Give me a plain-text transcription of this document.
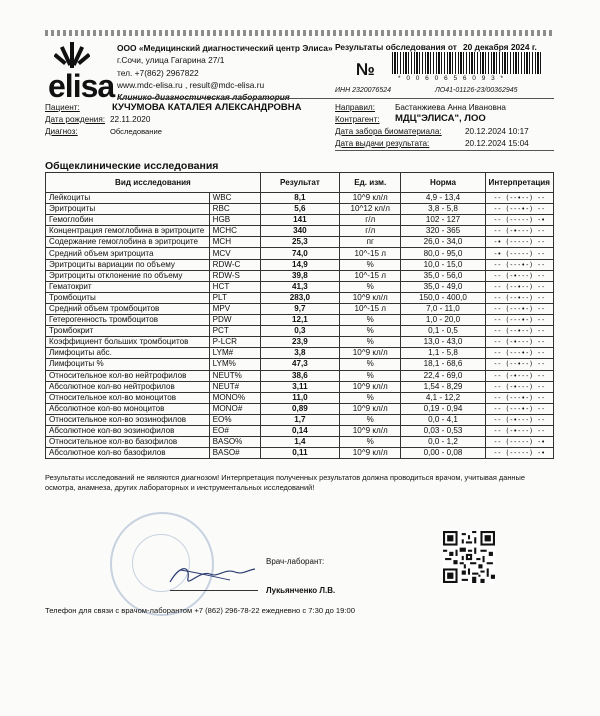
elisa
ООО «Медицинский диагностический центр Элиса»
г.Сочи, улица Гагарина 27/1
тел. +7(862) 2967822
www.mdc-elisa.ru , result@mdc-elisa.ru
Результаты обследования от 20 декабря 2024 г.
№	* 0 0 6 0 6 5 6 0 9 3 *
ИНН 2320076524	ЛО41-01126-23/00362945
Пациент:	КУЧУМОВА КАТАЛЕЯ АЛЕКСАНДРОВНА
Дата рождения: 22.11.2020
Диагноз:	Обследование
Направил: Бастанжиева Анна Ивановна
Контрагент: МДЦ"ЭЛИСА", ЛОО
Дата забора биоматериала:	20.12.2024 10:17
Дата выдачи результата:	20.12.2024 15:04
Общеклинические исследования
Вид исследования		Результат	Ед. изм.	Норма	Интерпретация
Лейкоциты	WBC	8,1	10^9 кл/л	4,9 - 13,4	-- (--•--) --
Эритроциты	RBC	5,6	10^12 кл/л	3,8 - 5,8	-- (---•-) --
Гемоглобин	HGB	141	г/л	102 - 127	-- (-----) -•
Концентрация гемоглобина в эритроците	MCHC	340	г/л	320 - 365	-- (-•---) --
Содержание гемоглобина в эритроците	MCH	25,3	пг	26,0 - 34,0	-• (-----) --
Средний объем эритроцита	MCV	74,0	10^-15 л	80,0 - 95,0	-• (-----) --
Эритроциты вариации по объему	RDW-C	14,9	%	10,0 - 15,0	-- (---•-) --
Эритроциты отклонение по объему	RDW-S	39,8	10^-15 л	35,0 - 56,0	-- (-•---) --
Гематокрит	HCT	41,3	%	35,0 - 49,0	-- (--•--) --
Тромбоциты	PLT	283,0	10^9 кл/л	150,0 - 400,0	-- (--•--) --
Средний объем тромбоцитов	MPV	9,7	10^-15 л	7,0 - 11,0	-- (---•-) --
Гетерогенность тромбоцитов	PDW	12,1	%	1,0 - 20,0	-- (---•-) --
Тромбокрит	PCT	0,3	%	0,1 - 0,5	-- (--•--) --
Коэффициент больших тромбоцитов	P-LCR	23,9	%	13,0 - 43,0	-- (-•---) --
Лимфоциты абс.	LYM#	3,8	10^9 кл/л	1,1 - 5,8	-- (---•-) --
Лимфоциты %	LYM%	47,3	%	18,1 - 68,6	-- (--•--) --
Относительное кол-во нейтрофилов	NEUT%	38,6	%	22,4 - 69,0	-- (-•---) --
Абсолютное кол-во нейтрофилов	NEUT#	3,11	10^9 кл/л	1,54 - 8,29	-- (-•---) --
Относительное кол-во моноцитов	MONO%	11,0	%	4,1 - 12,2	-- (---•-) --
Абсолютное кол-во моноцитов	MONO#	0,89	10^9 кл/л	0,19 - 0,94	-- (---•-) --
Относительное кол-во эозинофилов	EO%	1,7	%	0,0 - 4,1	-- (-•---) --
Абсолютное кол-во эозинофилов	EO#	0,14	10^9 кл/л	0,03 - 0,53	-- (-•---) --
Относительное кол-во базофилов	BASO%	1,4	%	0,0 - 1,2	-- (-----) -•
Абсолютное кол-во базофилов	BASO#	0,11	10^9 кл/л	0,00 - 0,08	-- (-----) -•
Результаты исследований не являются диагнозом! Интерпретация полученных результатов должна проводиться врачом, учитывая данные осмотра, анамнеза, других лабораторных и инструментальных исследований!
Врач-лаборант:
Лукьянченко Л.В.
Телефон для связи с врачом-лаборантом +7 (862) 296-78-22 ежедневно с 7:30 до 19:00
